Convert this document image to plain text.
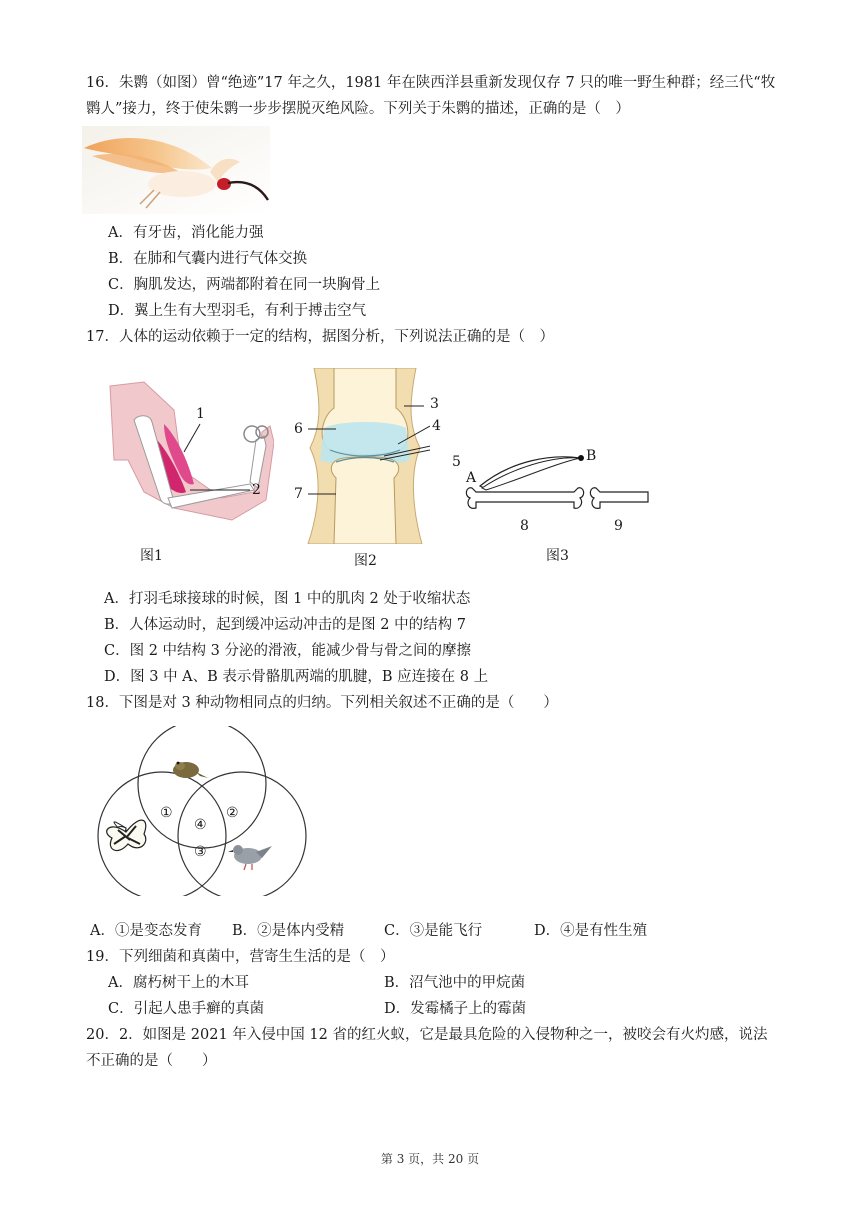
16．朱鹮（如图）曾“绝迹”17 年之久，1981 年在陕西洋县重新发现仅存 7 只的唯一野生种群；经三代“牧
鹮人”接力，终于使朱鹮一步步摆脱灭绝风险。下列关于朱鹮的描述，正确的是（　）
A．有牙齿，消化能力强
B．在肺和气囊内进行气体交换
C．胸肌发达，两端都附着在同一块胸骨上
D．翼上生有大型羽毛，有利于搏击空气
17．人体的运动依赖于一定的结构，据图分析，下列说法正确的是（　）
1
2
图1
3
4
5
6
7
图2
A
B
8	9
图3
A．打羽毛球接球的时候，图 1 中的肌肉 2 处于收缩状态
B．人体运动时，起到缓冲运动冲击的是图 2 中的结构 7
C．图 2 中结构 3 分泌的滑液，能减少骨与骨之间的摩擦
D．图 3 中 A、B 表示骨骼肌两端的肌腱，B 应连接在 8 上
18．下图是对 3 种动物相同点的归纳。下列相关叙述不正确的是（　　）
①	②
③
④
A．①是变态发育 B．②是体内受精	C．③是能飞行	D．④是有性生殖
19．下列细菌和真菌中，营寄生生活的是（　）
A．腐朽树干上的木耳	B．沼气池中的甲烷菌
C．引起人患手癣的真菌	D．发霉橘子上的霉菌
20．2．如图是 2021 年入侵中国 12 省的红火蚁，它是最具危险的入侵物种之一，被咬会有火灼感，说法
不正确的是（　　）
第 3 页，共 20 页
